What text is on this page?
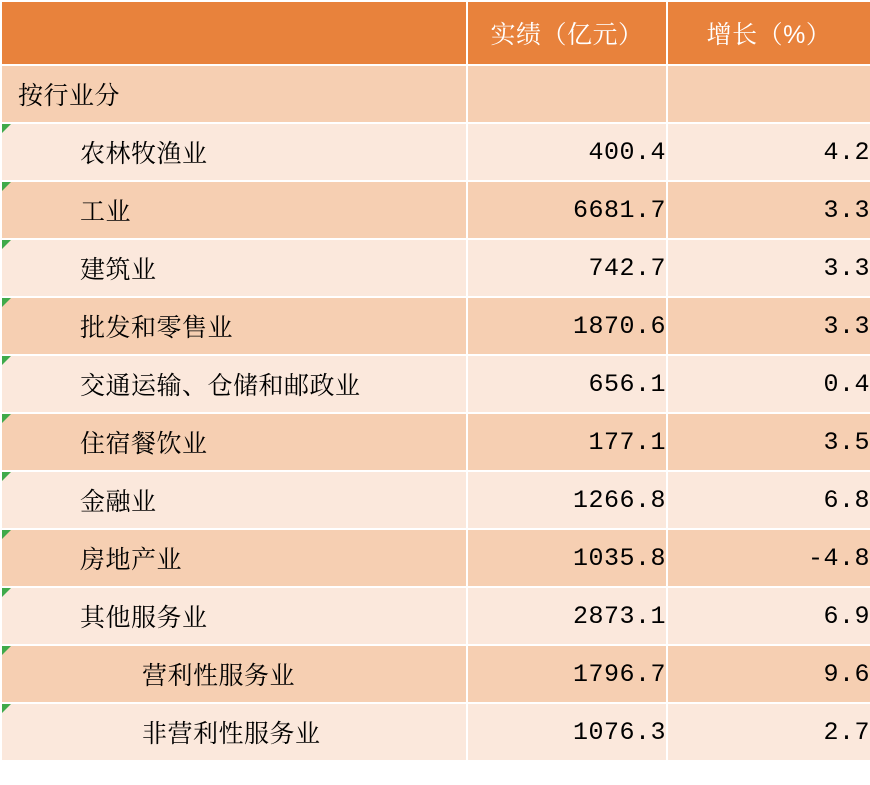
	实绩（亿元）	增长（%）
按行业分		

农林牧渔业	400.4	4.2

工业	6681.7	3.3

建筑业	742.7	3.3

批发和零售业	1870.6	3.3

交通运输、仓储和邮政业	656.1	0.4

住宿餐饮业	177.1	3.5

金融业	1266.8	6.8

房地产业	1035.8	-4.8

其他服务业	2873.1	6.9

营利性服务业	1796.7	9.6

非营利性服务业	1076.3	2.7
